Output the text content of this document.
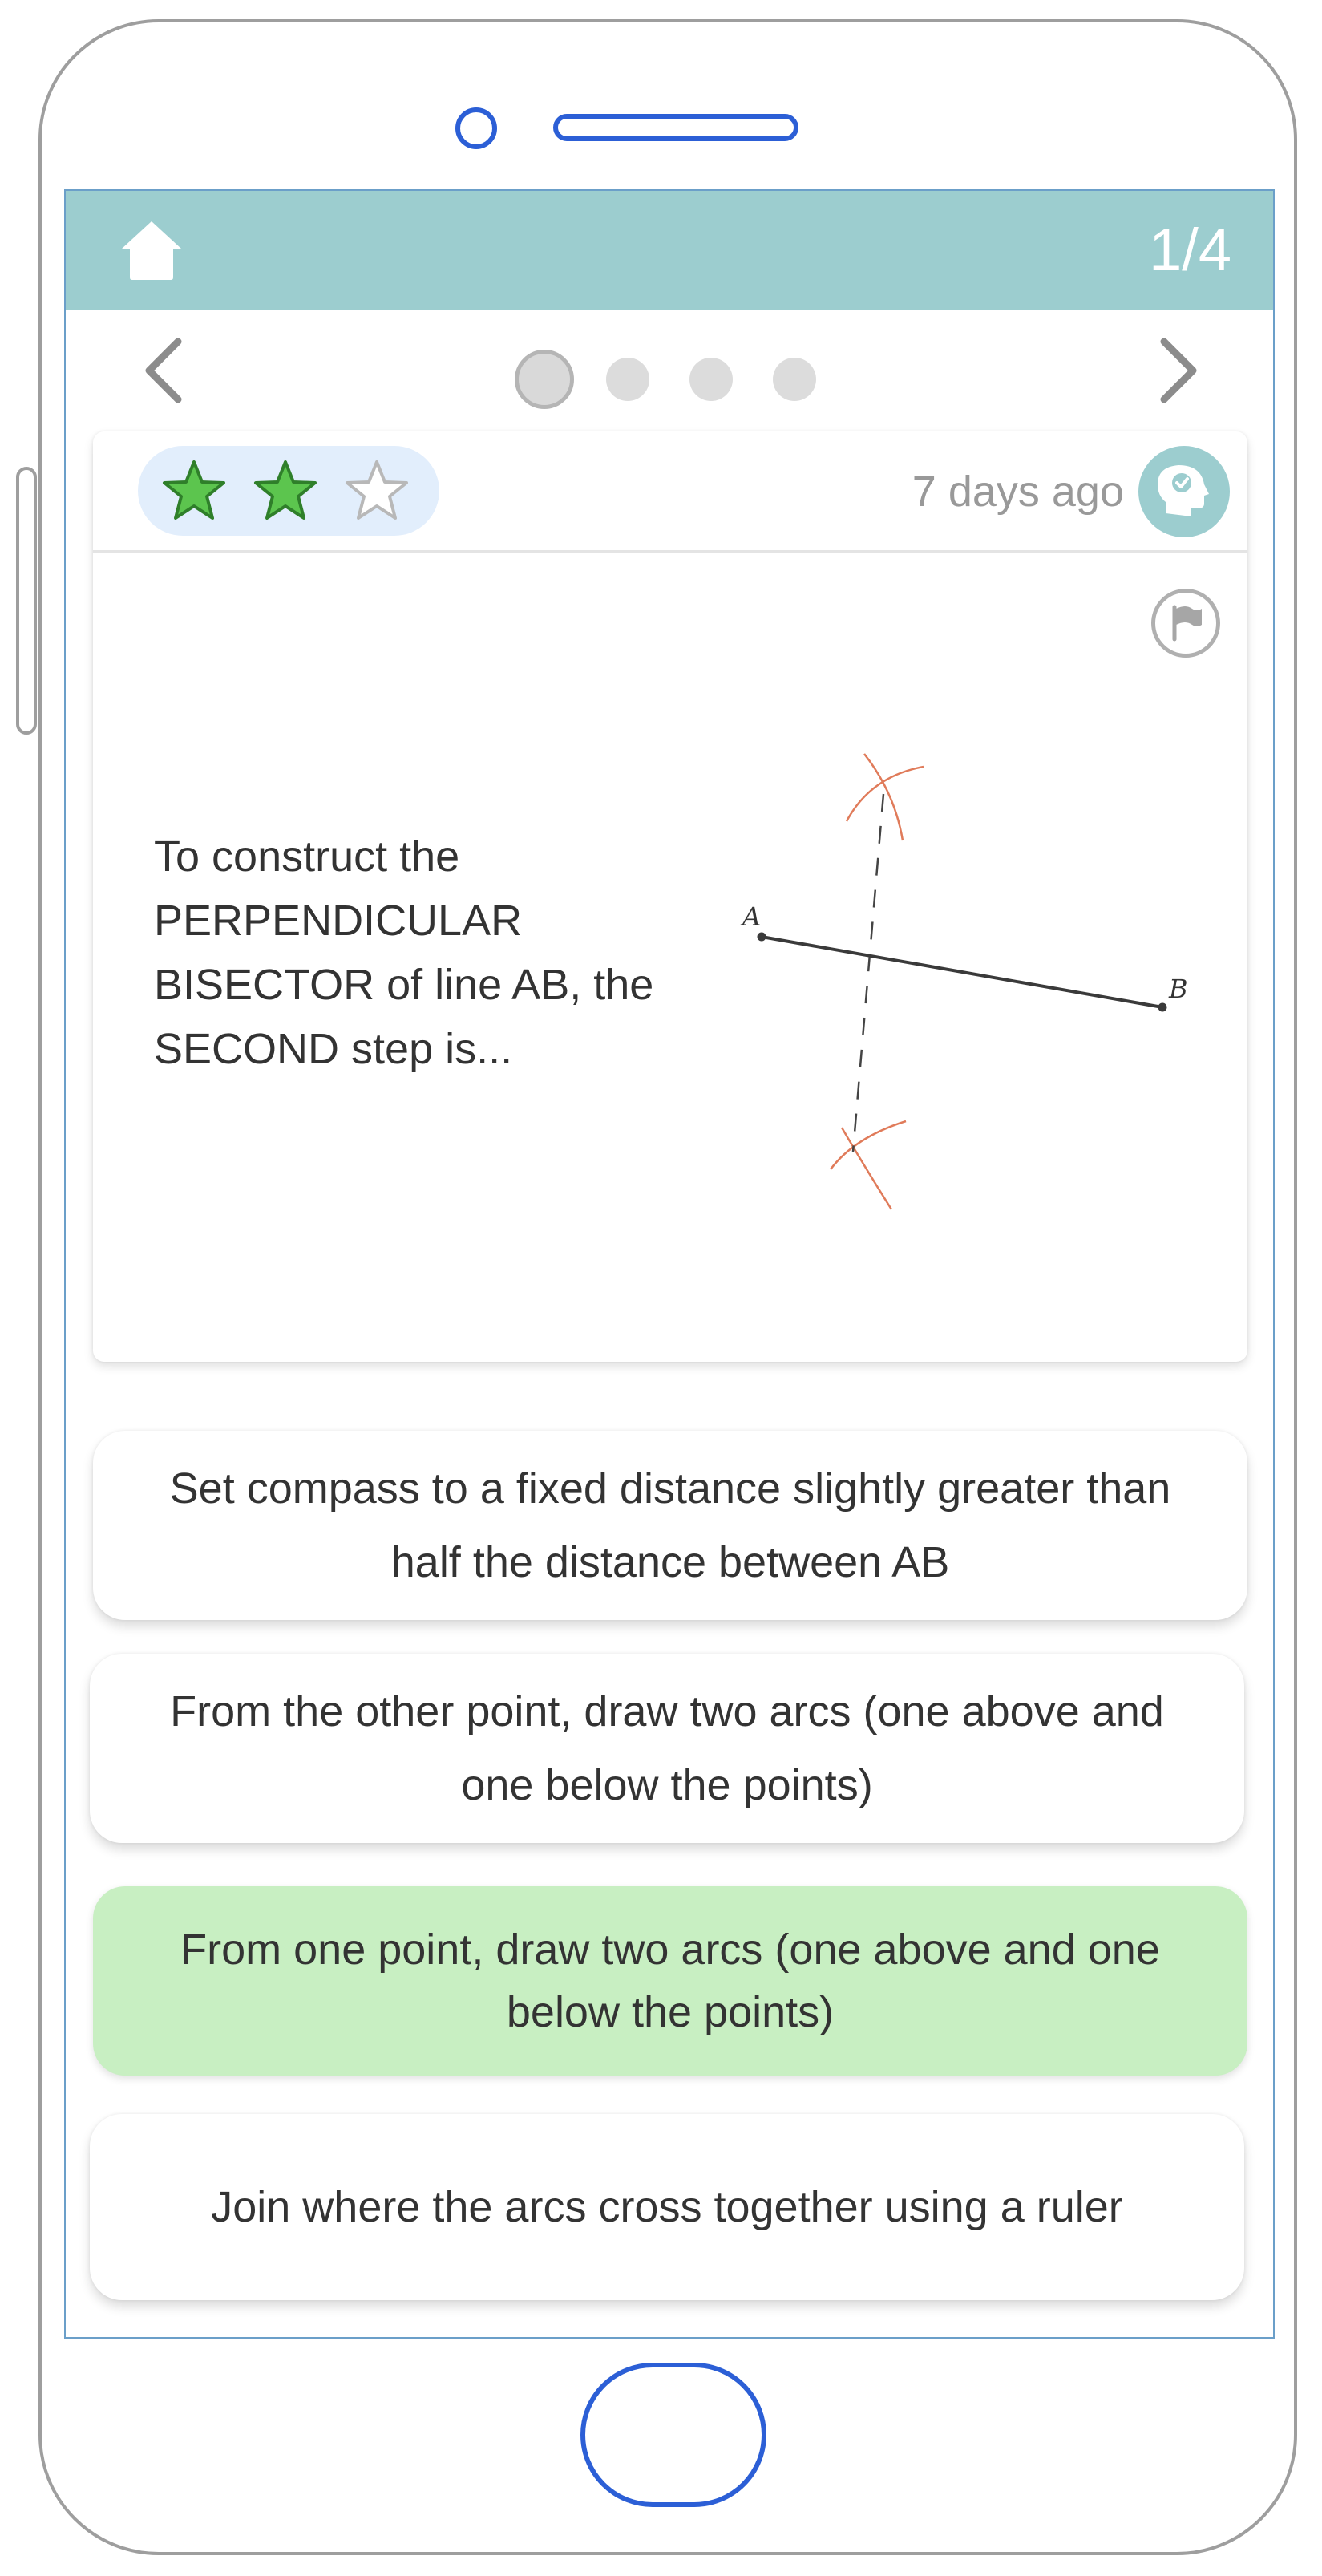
1/4
7 days ago
To construct the PERPENDICULAR BISECTOR of line AB, the SECOND step is...
A
B
Set compass to a fixed distance slightly greater than half the distance between AB
From the other point, draw two arcs (one above and one below the points)
From one point, draw two arcs (one above and one below the points)
Join where the arcs cross together using a ruler
